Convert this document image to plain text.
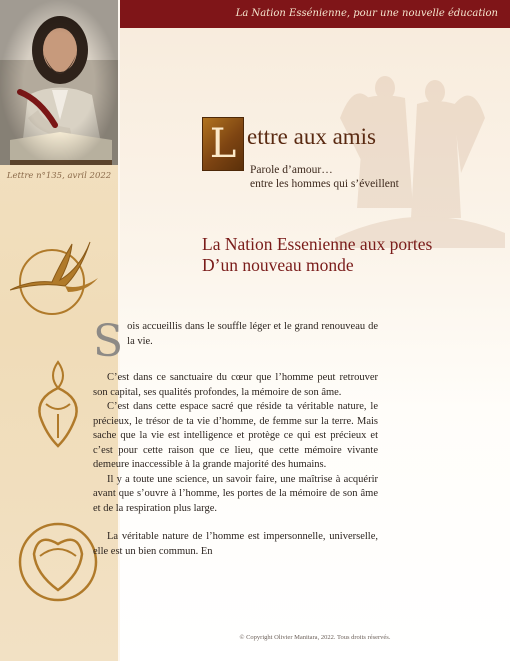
Lettre n°135, avril 2022
La Nation Essénienne, pour une nouvelle éducation
L ettre aux amis
Parole d’amour…
entre les hommes qui s’éveillent
La Nation Essenienne aux portes
D’un nouveau monde

Sois accueillis dans le souffle léger et le grand renouveau de la vie.

C’est dans ce sanctuaire du cœur que l’homme peut retrouver son capital, ses qualités profondes, la mémoire de son âme.

C’est dans cette espace sacré que réside ta véritable nature, le précieux, le trésor de ta vie d’homme, de femme sur la terre. Mais sache que la vie est intelligence et protège ce qui est précieux et c’est pour cette raison que ce lieu, que cette mémoire vivante demeure inaccessible à la grande majorité des humains.

Il y a toute une science, un savoir faire, une maîtrise à acquérir avant que s’ouvre à l’homme, les portes de la mémoire de son âme et de la respiration plus large.

La véritable nature de l’homme est impersonnelle, universelle, elle est un bien commun. En

© Copyright Olivier Manitara, 2022. Tous droits réservés.
